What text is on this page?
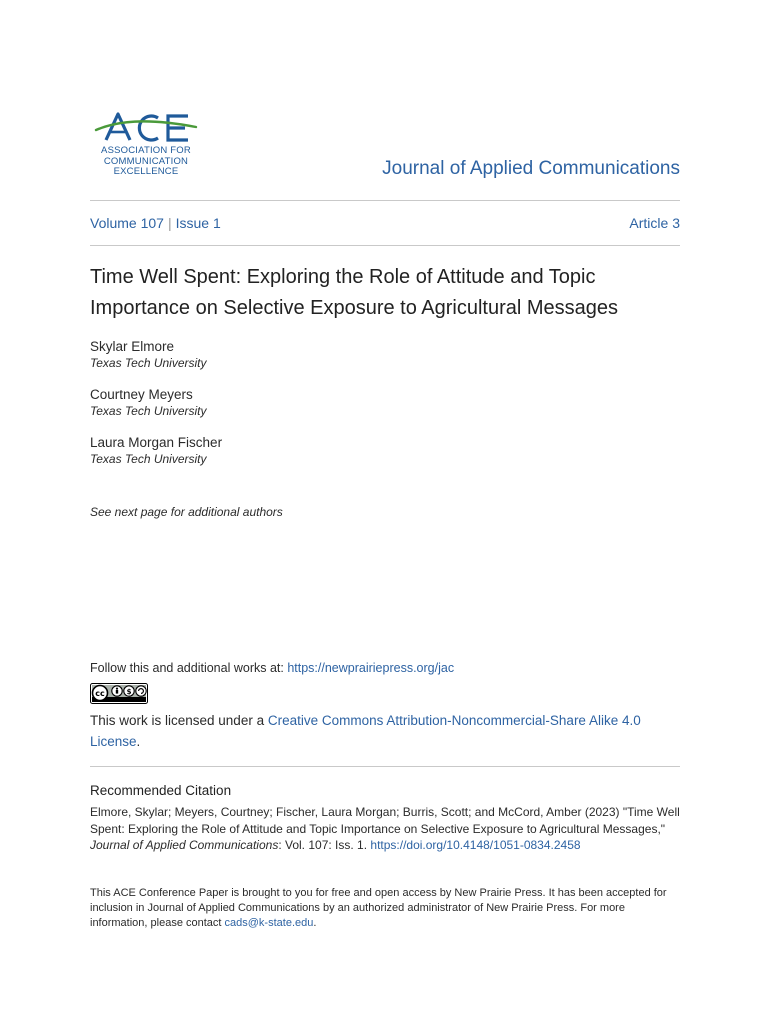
ASSOCIATION FOR
COMMUNICATION
EXCELLENCE	Journal of Applied Communications
Volume 107 | Issue 1	Article 3
Time Well Spent: Exploring the Role of Attitude and Topic Importance on Selective Exposure to Agricultural Messages
Skylar Elmore
Texas Tech University
Courtney Meyers
Texas Tech University
Laura Morgan Fischer
Texas Tech University
See next page for additional authors
Follow this and additional works at: https://newprairiepress.org/jac
cc	$
This work is licensed under a Creative Commons Attribution-Noncommercial-Share Alike 4.0 License.
Recommended Citation
Elmore, Skylar; Meyers, Courtney; Fischer, Laura Morgan; Burris, Scott; and McCord, Amber (2023) "Time Well Spent: Exploring the Role of Attitude and Topic Importance on Selective Exposure to Agricultural Messages," Journal of Applied Communications: Vol. 107: Iss. 1. https://doi.org/10.4148/1051-0834.2458
This ACE Conference Paper is brought to you for free and open access by New Prairie Press. It has been accepted for inclusion in Journal of Applied Communications by an authorized administrator of New Prairie Press. For more information, please contact cads@k-state.edu.
